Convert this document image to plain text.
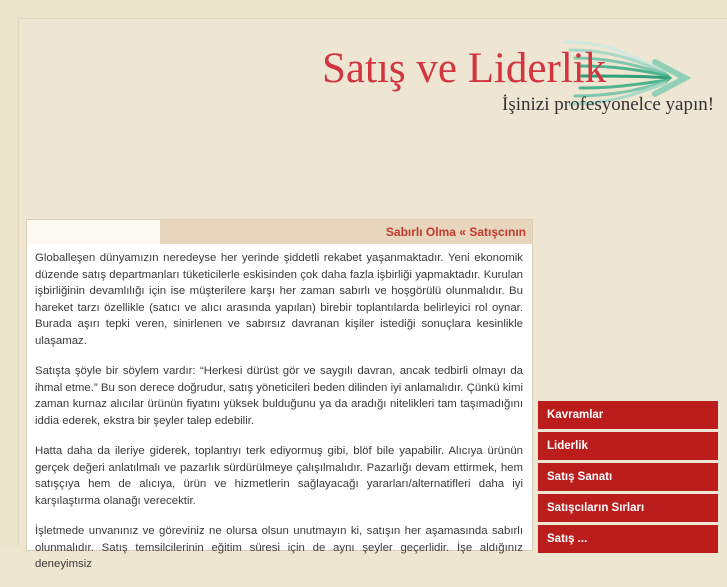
Satış ve Liderlik
İşinizi profesyonelce yapın!
Sabırlı Olma « Satışcının

Globalleşen dünyamızın neredeyse her yerinde şiddetli rekabet yaşanmaktadır. Yeni ekonomik düzende satış departmanları tüketicilerle eskisinden çok daha fazla işbirliği yapmaktadır. Kurulan işbirliğinin devamlılığı için ise müşterilere karşı her zaman sabırlı ve hoşgörülü olunmalıdır. Bu hareket tarzı özellikle (satıcı ve alıcı arasında yapılan) birebir toplantılarda belirleyici rol oynar. Burada aşırı tepki veren, sinirlenen ve sabırsız davranan kişiler istediği sonuçlara kesinlikle ulaşamaz.

Satışta şöyle bir söylem vardır: “Herkesi dürüst gör ve saygılı davran, ancak tedbirli olmayı da ihmal etme.” Bu son derece doğrudur, satış yöneticileri beden dilinden iyi anlamalıdır. Çünkü kimi zaman kurnaz alıcılar ürünün fiyatını yüksek bulduğunu ya da aradığı nitelikleri tam taşımadığını iddia ederek, ekstra bir şeyler talep edebilir.

Hatta daha da ileriye giderek, toplantıyı terk ediyormuş gibi, blöf bile yapabilir. Alıcıya ürünün gerçek değeri anlatılmalı ve pazarlık sürdürülmeye çalışılmalıdır. Pazarlığı devam ettirmek, hem satışçıya hem de alıcıya, ürün ve hizmetlerin sağlayacağı yararları/alternatifleri daha iyi karşılaştırma olanağı verecektir.

İşletmede unvanınız ve göreviniz ne olursa olsun unutmayın ki, satışın her aşamasında sabırlı olunmalıdır. Satış temsilcilerinin eğitim süresi için de aynı şeyler geçerlidir. İşe aldığınız deneyimsiz

Kavramlar
Liderlik
Satış Sanatı
Satışcıların Sırları
Satış ...
